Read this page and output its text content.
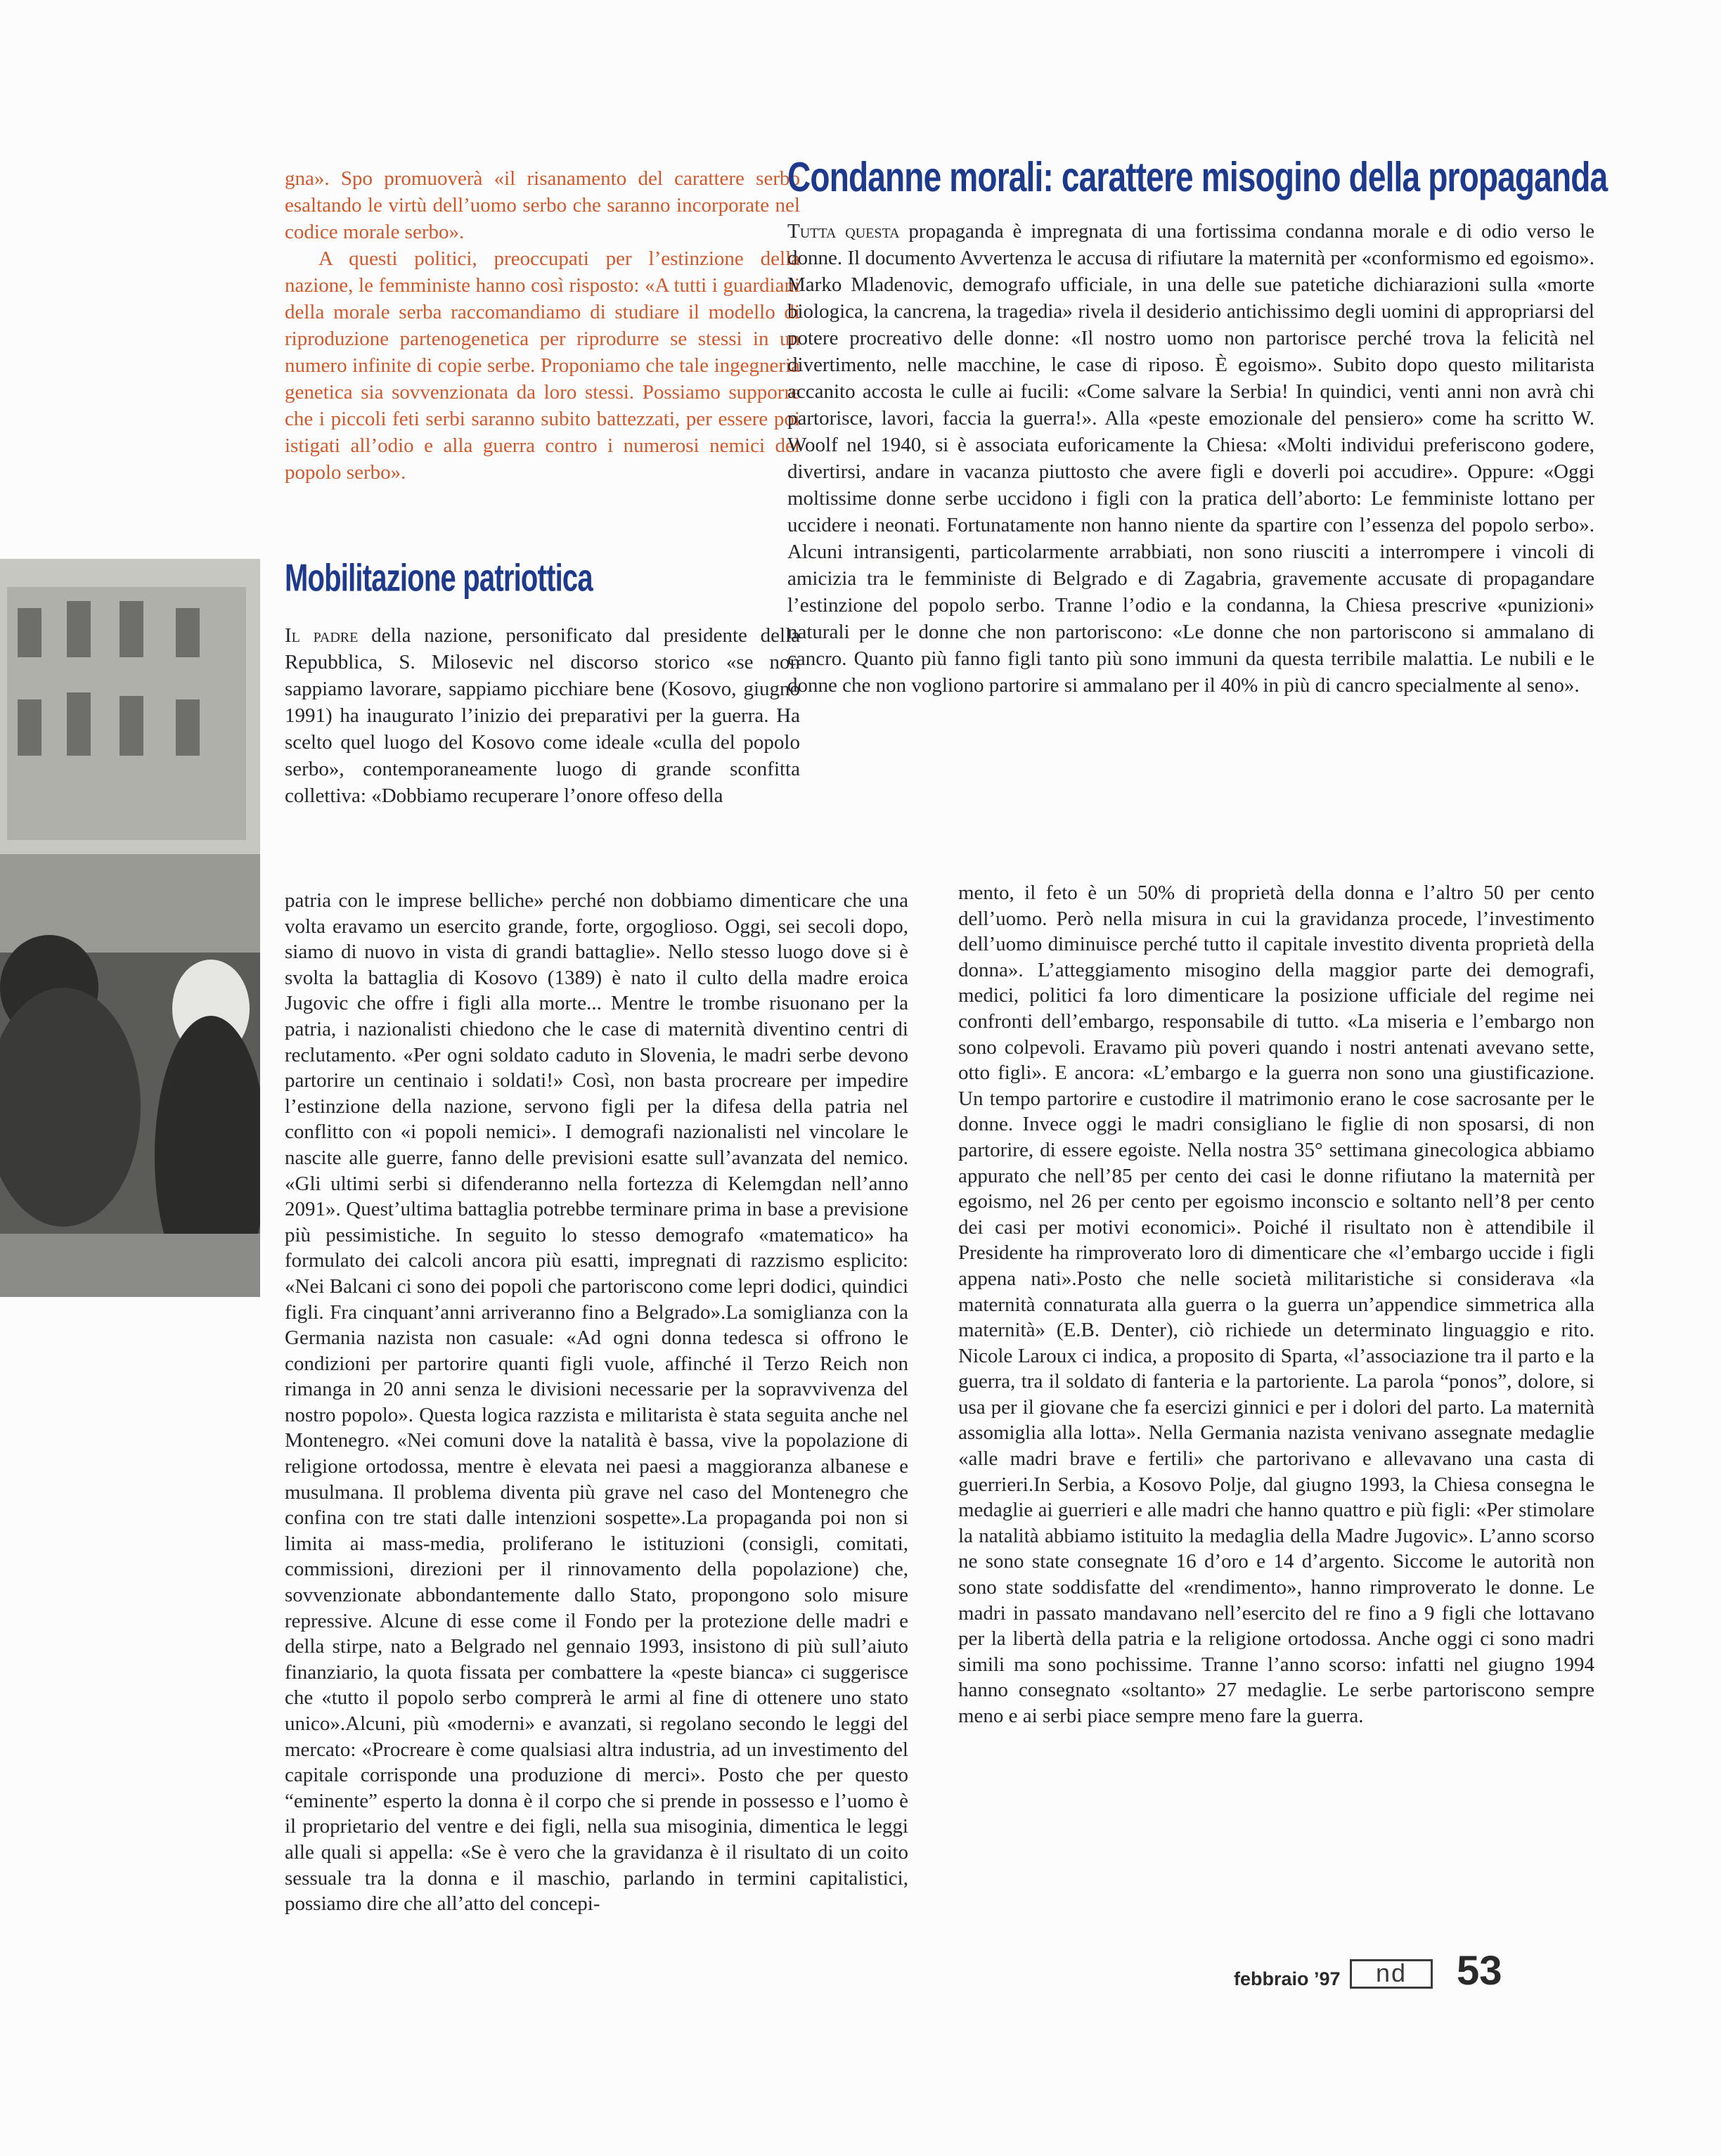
gna». Spo promuoverà «il risanamento del carattere serbo esaltando le virtù dell’uomo serbo che saranno incorporate nel codice morale serbo».

A questi politici, preoccupati per l’estinzione della nazione, le femministe hanno così risposto: «A tutti i guardiani della morale serba raccomandiamo di studiare il modello di riproduzione partenogenetica per riprodurre se stessi in un numero infinite di copie serbe. Proponiamo che tale ingegneria genetica sia sovvenzionata da loro stessi. Possiamo supporre che i piccoli feti serbi saranno subito battezzati, per essere poi istigati all’odio e alla guerra contro i numerosi nemici del popolo serbo».

Condanne morali: carattere misogino della propaganda

Tutta questa propaganda è impregnata di una fortissima condanna morale e di odio verso le donne. Il documento Avvertenza le accusa di rifiutare la maternità per «conformismo ed egoismo». Marko Mladenovic, demografo ufficiale, in una delle sue patetiche dichiarazioni sulla «morte biologica, la cancrena, la tragedia» rivela il desiderio antichissimo degli uomini di appropriarsi del potere procreativo delle donne: «Il nostro uomo non partorisce perché trova la felicità nel divertimento, nelle macchine, le case di riposo. È egoismo». Subito dopo questo militarista accanito accosta le culle ai fucili: «Come salvare la Serbia! In quindici, venti anni non avrà chi partorisce, lavori, faccia la guerra!». Alla «peste emozionale del pensiero» come ha scritto W. Woolf nel 1940, si è associata euforicamente la Chiesa: «Molti individui preferiscono godere, divertirsi, andare in vacanza piuttosto che avere figli e doverli poi accudire». Oppure: «Oggi moltissime donne serbe uccidono i figli con la pratica dell’aborto: Le femministe lottano per uccidere i neonati. Fortunatamente non hanno niente da spartire con l’essenza del popolo serbo». Alcuni intransigenti, particolarmente arrabbiati, non sono riusciti a interrompere i vincoli di amicizia tra le femministe di Belgrado e di Zagabria, gravemente accusate di propagandare l’estinzione del popolo serbo. Tranne l’odio e la condanna, la Chiesa prescrive «punizioni» naturali per le donne che non partoriscono: «Le donne che non partoriscono si ammalano di cancro. Quanto più fanno figli tanto più sono immuni da questa terribile malattia. Le nubili e le donne che non vogliono partorire si ammalano per il 40% in più di cancro specialmente al seno».

Mobilitazione patriottica

Il padre della nazione, personificato dal presidente della Repubblica, S. Milosevic nel discorso storico «se non sappiamo lavorare, sappiamo picchiare bene (Kosovo, giugno 1991) ha inaugurato l’inizio dei preparativi per la guerra. Ha scelto quel luogo del Kosovo come ideale «culla del popolo serbo», contemporaneamente luogo di grande sconfitta collettiva: «Dobbiamo recuperare l’onore offeso della

patria con le imprese belliche» perché non dobbiamo dimenticare che una volta eravamo un esercito grande, forte, orgoglioso. Oggi, sei secoli dopo, siamo di nuovo in vista di grandi battaglie». Nello stesso luogo dove si è svolta la battaglia di Kosovo (1389) è nato il culto della madre eroica Jugovic che offre i figli alla morte... Mentre le trombe risuonano per la patria, i nazionalisti chiedono che le case di maternità diventino centri di reclutamento. «Per ogni soldato caduto in Slovenia, le madri serbe devono partorire un centinaio i soldati!» Così, non basta procreare per impedire l’estinzione della nazione, servono figli per la difesa della patria nel conflitto con «i popoli nemici». I demografi nazionalisti nel vincolare le nascite alle guerre, fanno delle previsioni esatte sull’avanzata del nemico. «Gli ultimi serbi si difenderanno nella fortezza di Kelemgdan nell’anno 2091». Quest’ultima battaglia potrebbe terminare prima in base a previsione più pessimistiche. In seguito lo stesso demografo «matematico» ha formulato dei calcoli ancora più esatti, impregnati di razzismo esplicito: «Nei Balcani ci sono dei popoli che partoriscono come lepri dodici, quindici figli. Fra cinquant’anni arriveranno fino a Belgrado».La somiglianza con la Germania nazista non casuale: «Ad ogni donna tedesca si offrono le condizioni per partorire quanti figli vuole, affinché il Terzo Reich non rimanga in 20 anni senza le divisioni necessarie per la sopravvivenza del nostro popolo». Questa logica razzista e militarista è stata seguita anche nel Montenegro. «Nei comuni dove la natalità è bassa, vive la popolazione di religione ortodossa, mentre è elevata nei paesi a maggioranza albanese e musulmana. Il problema diventa più grave nel caso del Montenegro che confina con tre stati dalle intenzioni sospette».La propaganda poi non si limita ai mass-media, proliferano le istituzioni (consigli, comitati, commissioni, direzioni per il rinnovamento della popolazione) che, sovvenzionate abbondantemente dallo Stato, propongono solo misure repressive. Alcune di esse come il Fondo per la protezione delle madri e della stirpe, nato a Belgrado nel gennaio 1993, insistono di più sull’aiuto finanziario, la quota fissata per combattere la «peste bianca» ci suggerisce che «tutto il popolo serbo comprerà le armi al fine di ottenere uno stato unico».Alcuni, più «moderni» e avanzati, si regolano secondo le leggi del mercato: «Procreare è come qualsiasi altra industria, ad un investimento del capitale corrisponde una produzione di merci». Posto che per questo “eminente” esperto la donna è il corpo che si prende in possesso e l’uomo è il proprietario del ventre e dei figli, nella sua misoginia, dimentica le leggi alle quali si appella: «Se è vero che la gravidanza è il risultato di un coito sessuale tra la donna e il maschio, parlando in termini capitalistici, possiamo dire che all’atto del concepi-

mento, il feto è un 50% di proprietà della donna e l’altro 50 per cento dell’uomo. Però nella misura in cui la gravidanza procede, l’investimento dell’uomo diminuisce perché tutto il capitale investito diventa proprietà della donna». L’atteggiamento misogino della maggior parte dei demografi, medici, politici fa loro dimenticare la posizione ufficiale del regime nei confronti dell’embargo, responsabile di tutto. «La miseria e l’embargo non sono colpevoli. Eravamo più poveri quando i nostri antenati avevano sette, otto figli». E ancora: «L’embargo e la guerra non sono una giustificazione. Un tempo partorire e custodire il matrimonio erano le cose sacrosante per le donne. Invece oggi le madri consigliano le figlie di non sposarsi, di non partorire, di essere egoiste. Nella nostra 35° settimana ginecologica abbiamo appurato che nell’85 per cento dei casi le donne rifiutano la maternità per egoismo, nel 26 per cento per egoismo inconscio e soltanto nell’8 per cento dei casi per motivi economici». Poiché il risultato non è attendibile il Presidente ha rimproverato loro di dimenticare che «l’embargo uccide i figli appena nati».Posto che nelle società militaristiche si considerava «la maternità connaturata alla guerra o la guerra un’appendice simmetrica alla maternità» (E.B. Denter), ciò richiede un determinato linguaggio e rito. Nicole Laroux ci indica, a proposito di Sparta, «l’associazione tra il parto e la guerra, tra il soldato di fanteria e la partoriente. La parola “ponos”, dolore, si usa per il giovane che fa esercizi ginnici e per i dolori del parto. La maternità assomiglia alla lotta». Nella Germania nazista venivano assegnate medaglie «alle madri brave e fertili» che partorivano e allevavano una casta di guerrieri.In Serbia, a Kosovo Polje, dal giugno 1993, la Chiesa consegna le medaglie ai guerrieri e alle madri che hanno quattro e più figli: «Per stimolare la natalità abbiamo istituito la medaglia della Madre Jugovic». L’anno scorso ne sono state consegnate 16 d’oro e 14 d’argento. Siccome le autorità non sono state soddisfatte del «rendimento», hanno rimproverato le donne. Le madri in passato mandavano nell’esercito del re fino a 9 figli che lottavano per la libertà della patria e la religione ortodossa. Anche oggi ci sono madri simili ma sono pochissime. Tranne l’anno scorso: infatti nel giugno 1994 hanno consegnato «soltanto» 27 medaglie. Le serbe partoriscono sempre meno e ai serbi piace sempre meno fare la guerra.

febbraio ’97	nd	53
